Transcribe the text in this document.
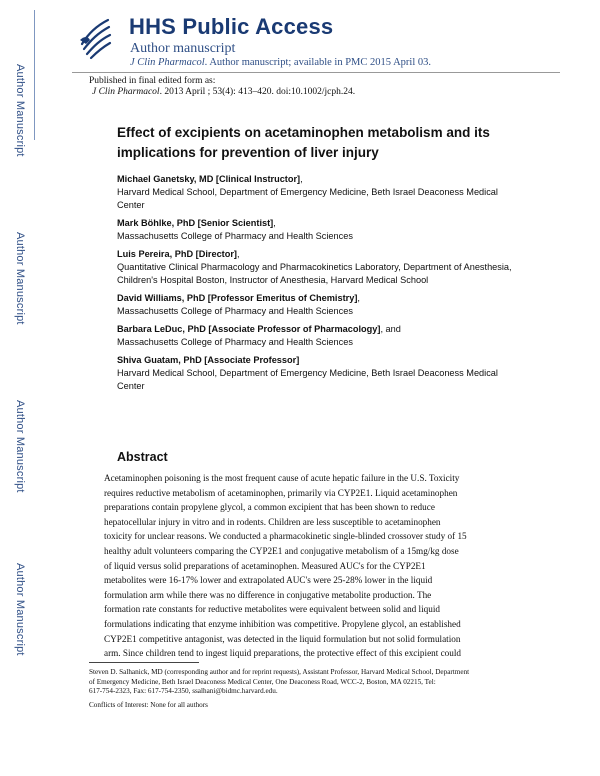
Author Manuscript
Author Manuscript
Author Manuscript
Author Manuscript
HHS Public Access
Author manuscript
J Clin Pharmacol. Author manuscript; available in PMC 2015 April 03.
Published in final edited form as:
J Clin Pharmacol. 2013 April ; 53(4): 413–420. doi:10.1002/jcph.24.
Effect of excipients on acetaminophen metabolism and its implications for prevention of liver injury
Michael Ganetsky, MD [Clinical Instructor],
Harvard Medical School, Department of Emergency Medicine, Beth Israel Deaconess Medical
Center
Mark Böhlke, PhD [Senior Scientist],
Massachusetts College of Pharmacy and Health Sciences
Luis Pereira, PhD [Director],
Quantitative Clinical Pharmacology and Pharmacokinetics Laboratory, Department of Anesthesia,
Children's Hospital Boston, Instructor of Anesthesia, Harvard Medical School
David Williams, PhD [Professor Emeritus of Chemistry],
Massachusetts College of Pharmacy and Health Sciences
Barbara LeDuc, PhD [Associate Professor of Pharmacology], and
Massachusetts College of Pharmacy and Health Sciences
Shiva Guatam, PhD [Associate Professor]
Harvard Medical School, Department of Emergency Medicine, Beth Israel Deaconess Medical
Center
Abstract
Acetaminophen poisoning is the most frequent cause of acute hepatic failure in the U.S. Toxicity
requires reductive metabolism of acetaminophen, primarily via CYP2E1. Liquid acetaminophen
preparations contain propylene glycol, a common excipient that has been shown to reduce
hepatocellular injury in vitro and in rodents. Children are less susceptible to acetaminophen
toxicity for unclear reasons. We conducted a pharmacokinetic single-blinded crossover study of 15
healthy adult volunteers comparing the CYP2E1 and conjugative metabolism of a 15mg/kg dose
of liquid versus solid preparations of acetaminophen. Measured AUC's for the CYP2E1
metabolites were 16-17% lower and extrapolated AUC's were 25-28% lower in the liquid
formulation arm while there was no difference in conjugative metabolite production. The
formation rate constants for reductive metabolites were equivalent between solid and liquid
formulations indicating that enzyme inhibition was competitive. Propylene glycol, an established
CYP2E1 competitive antagonist, was detected in the liquid formulation but not solid formulation
arm. Since children tend to ingest liquid preparations, the protective effect of this excipient could
Steven D. Salhanick, MD (corresponding author and for reprint requests), Assistant Professor, Harvard Medical School, Department
of Emergency Medicine, Beth Israel Deaconess Medical Center, One Deaconess Road, WCC-2, Boston, MA 02215, Tel:
617-754-2323, Fax: 617-754-2350, ssalhani@bidmc.harvard.edu.
Conflicts of Interest: None for all authors
